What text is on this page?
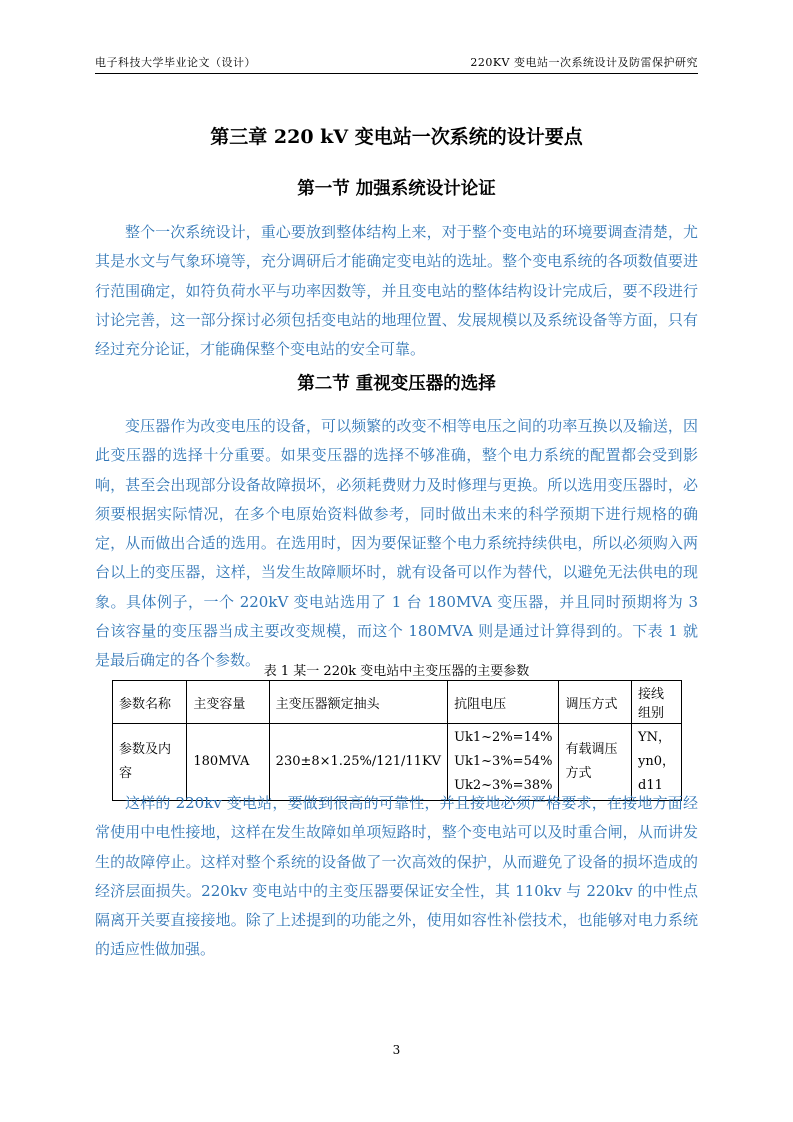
电子科技大学毕业论文（设计）	220KV 变电站一次系统设计及防雷保护研究
第三章 220 kV 变电站一次系统的设计要点
第一节 加强系统设计论证

整个一次系统设计，重心要放到整体结构上来，对于整个变电站的环境要调查清楚，尤其是水文与气象环境等，充分调研后才能确定变电站的选址。整个变电系统的各项数值要进行范围确定，如符负荷水平与功率因数等，并且变电站的整体结构设计完成后，要不段进行讨论完善，这一部分探讨必须包括变电站的地理位置、发展规模以及系统设备等方面，只有经过充分论证，才能确保整个变电站的安全可靠。

第二节 重视变压器的选择

变压器作为改变电压的设备，可以频繁的改变不相等电压之间的功率互换以及输送，因此变压器的选择十分重要。如果变压器的选择不够准确，整个电力系统的配置都会受到影响，甚至会出现部分设备故障损坏，必须耗费财力及时修理与更换。所以选用变压器时，必须要根据实际情况，在多个电原始资料做参考，同时做出未来的科学预期下进行规格的确定，从而做出合适的选用。在选用时，因为要保证整个电力系统持续供电，所以必须购入两台以上的变压器，这样，当发生故障顺坏时，就有设备可以作为替代，以避免无法供电的现象。具体例子，一个 220kV 变电站选用了 1 台 180MVA 变压器，并且同时预期将为 3 台该容量的变压器当成主要改变规模，而这个 180MVA 则是通过计算得到的。下表 1 就是最后确定的各个参数。

表 1 某一 220k 变电站中主变压器的主要参数
参数名称	主变容量	主变压器额定抽头	抗阻电压	调压方式	接线组别
参数及内容	180MVA	230±8×1.25%/121/11KV	Uk1~2%=14%
Uk1~3%=54%
Uk2~3%=38%	有载调压方式	YN，yn0，d11

这样的 220kv 变电站，要做到很高的可靠性，并且接地必须严格要求，在接地方面经常使用中电性接地，这样在发生故障如单项短路时，整个变电站可以及时重合闸，从而讲发生的故障停止。这样对整个系统的设备做了一次高效的保护，从而避免了设备的损坏造成的经济层面损失。220kv 变电站中的主变压器要保证安全性，其 110kv 与 220kv 的中性点隔离开关要直接接地。除了上述提到的功能之外，使用如容性补偿技术，也能够对电力系统的适应性做加强。

3
